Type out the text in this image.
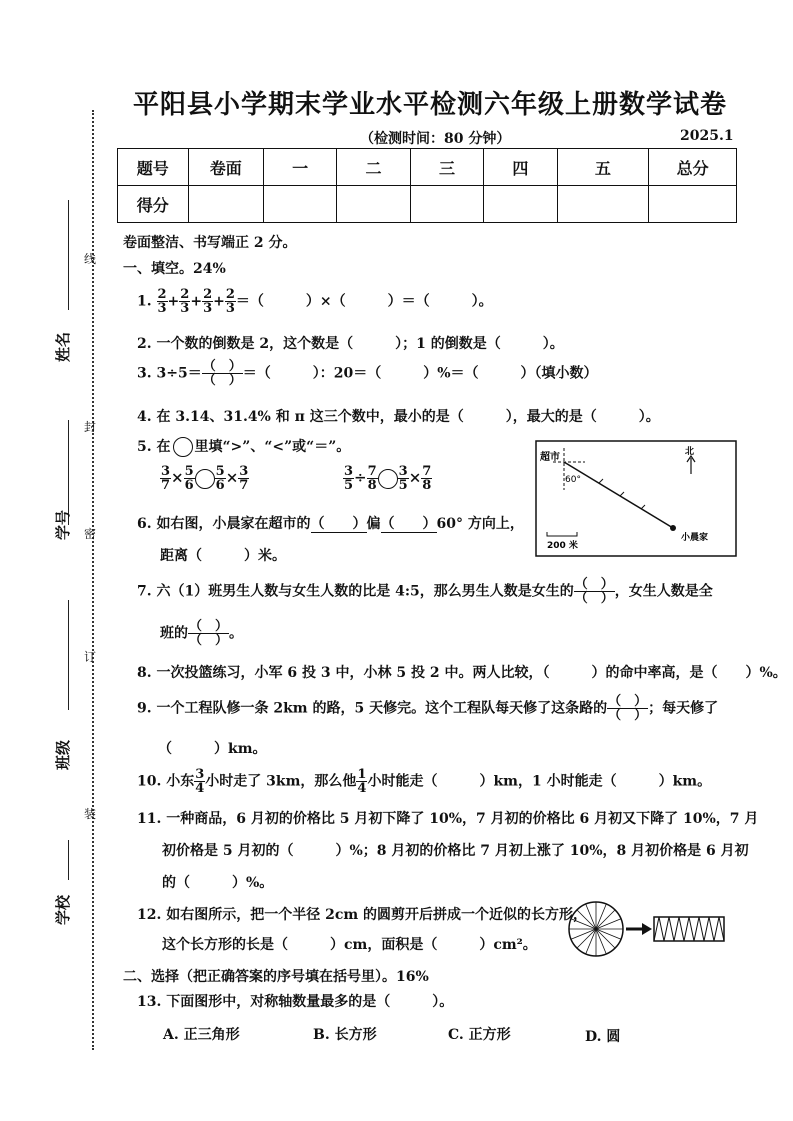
姓名
学号
班级
学校
线
封
密
订
装
平阳县小学期末学业水平检测六年级上册数学试卷
（检测时间：80 分钟）	2025.1
题号	卷面	一	二	三	四	五	总分
得分							
卷面整洁、书写端正 2 分。
一、填空。24%
1. $\frac{2}{3} + \frac{2}{3} + \frac{2}{3} + \frac{2}{3}$ ＝（　　　）×（　　　）＝（　　　）。
2. 一个数的倒数是 2，这个数是（　　　）；1 的倒数是（　　　）。
3. $3\div 5= \frac{( )}{( )}$ ＝（　　　）：20＝（　　　）%＝（　　　）（填小数）
4. 在 3.14、31.4% 和 π 这三个数中，最小的是（　　　），最大的是（　　　）。
5. 在 里填“>”、“<”或“＝”。
$\frac{3}{7} \times \frac{5}{6} \frac{5}{6} \times \frac{3}{7}$	$\frac{3}{5} \div \frac{7}{8} \frac{3}{5} \times \frac{7}{8}$
超市
60°
北
200 米
小晨家
6. 如右图，小晨家在超市的（　　）偏（　　）60° 方向上，
距离（　　　）米。
7. 六（1）班男生人数与女生人数的比是 4:5，那么男生人数是女生的 $\frac{( )}{( )}$ ，女生人数是全
班的 $\frac{( )}{( )}$ 。
8. 一次投篮练习，小军 6 投 3 中，小林 5 投 2 中。两人比较，（　　　）的命中率高，是（　　）%。
9. 一个工程队修一条 2km 的路，5 天修完。这个工程队每天修了这条路的 $\frac{( )}{( )}$ ；每天修了
（　　　）km。
10. 小东 $\frac{3}{4}$ 小时走了 3km，那么他 $\frac{1}{4}$ 小时能走（　　　）km，1 小时能走（　　　）km。
11. 一种商品，6 月初的价格比 5 月初下降了 10%，7 月初的价格比 6 月初又下降了 10%，7 月
初价格是 5 月初的（　　　）%；8 月初的价格比 7 月初上涨了 10%，8 月初价格是 6 月初
的（　　　）%。
12. 如右图所示，把一个半径 2cm 的圆剪开后拼成一个近似的长方形，
这个长方形的长是（　　　）cm，面积是（　　　）cm²。
二、选择（把正确答案的序号填在括号里）。16%
13. 下面图形中，对称轴数量最多的是（　　　）。
A. 正三角形	B. 长方形	C. 正方形	D. 圆
